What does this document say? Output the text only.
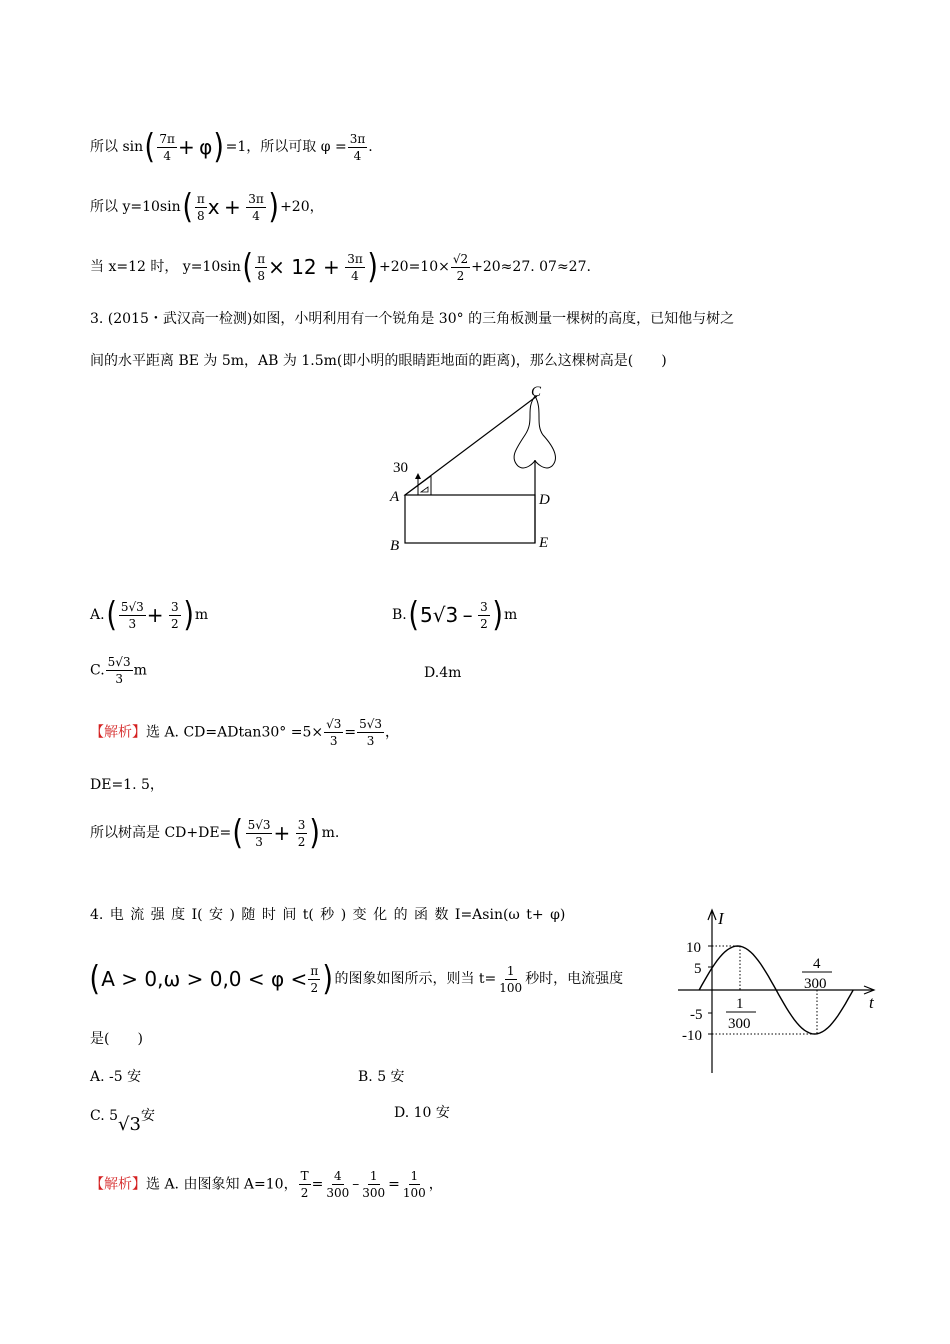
所以 $\sin( \frac{7\pi}{4} + \varphi)=1$，所以可取 $\varphi = \frac{3\pi}{4}$ .
所以 $y=10\sin( \frac{\pi}{8}$ $x + \frac{3\pi}{4} )+20$，
当 x=12 时， $y=10\sin( \frac{\pi}{8} \times 12 + \frac{3\pi}{4} )+20=10\times \frac{√2}{2} +20\approx 27$. 07≈27.
3. (2015・武汉高一检测)如图，小明利用有一个锐角是 30° 的三角板测量一棵树的高度，已知他与树之
间的水平距离 BE 为 5m，AB 为 1.5m(即小明的眼睛距地面的距离)，那么这棵树高是(　　)
30
A
B
C
D
E
$A.( \frac{5√3}{3} + \frac{3}{2} )m$	$B.(5√3 - \frac{3}{2} )m$
C. $\frac{5√3}{3}$ m	D.4m
【解析】选 A. $CD=ADtan30^\circ =5\times \frac{√3}{3} = \frac{5√3}{3}$ ，
DE=1. 5，
所以树高是 $CD+DE=( \frac{5√3}{3} + \frac{3}{2} )m$.
4. 电 流 强 度 I( 安 ) 随 时 间 t( 秒 ) 变 化 的 函 数 I=Asin(ω t+ φ)
($A > 0,\omega > 0,0 < \varphi < \frac{\pi}{2}$ )的图象如图所示，则当 $t= \frac{1}{100}$ 秒时，电流强度
是(　　)
A. -5 安	B. 5 安
C. 5√3安	D. 10 安
I
t
10
5
-5
-10
1
300
4
300
【解析】选 A. 由图象知 A=10， $\frac{T}{2} = \frac{4}{300} - \frac{1}{300} = \frac{1}{100}$ ，
